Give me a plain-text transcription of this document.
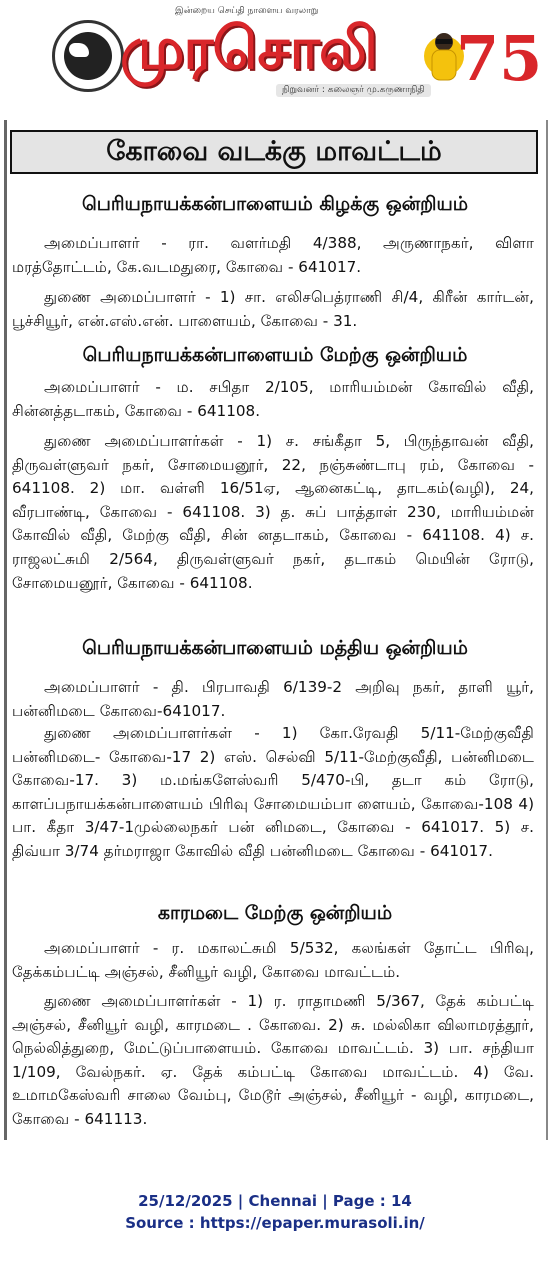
இன்றைய செய்தி நாளைய வரலாறு
முரசொலி
நிறுவனர் : கலைஞர் மு.கருணாநிதி 75
கோவை வடக்கு மாவட்டம்
பெரியநாயக்கன்பாளையம் கிழக்கு ஒன்றியம்
அமைப்பாளர் - ரா. வளர்மதி 4/388, அருணாநகர், விளா மரத்தோட்டம், கே.வடமதுரை, கோவை - 641017.
துணை அமைப்பாளர் - 1) சா. எலிசபெத்ராணி சி/4, கிரீன் கார்டன், பூச்சியூர், என்.எஸ்.என். பாளையம், கோவை - 31.
பெரியநாயக்கன்பாளையம் மேற்கு ஒன்றியம்
அமைப்பாளர் - ம. சபிதா 2/105, மாரியம்மன் கோவில் வீதி, சின்னத்தடாகம், கோவை - 641108.
துணை அமைப்பாளர்கள் - 1) ச. சங்கீதா 5, பிருந்தாவன் வீதி, திருவள்ளுவர் நகர், சோமையனூர், 22, நஞ்சுண்டாபு ரம், கோவை - 641108. 2) மா. வள்ளி 16/51ஏ, ஆனைகட்டி, தாடகம்(வழி), 24, வீரபாண்டி, கோவை - 641108. 3) த. சுப் பாத்தாள் 230, மாரியம்மன் கோவில் வீதி, மேற்கு வீதி, சின் னதடாகம், கோவை - 641108. 4) ச. ராஜலட்சுமி 2/564, திருவள்ளுவர் நகர், தடாகம் மெயின் ரோடு, சோமையனூர், கோவை - 641108.
பெரியநாயக்கன்பாளையம் மத்திய ஒன்றியம்
அமைப்பாளர் - தி. பிரபாவதி 6/139-2 அறிவு நகர், தாளி யூர், பன்னிமடை கோவை-641017.
துணை அமைப்பாளர்கள் - 1) கோ.ரேவதி 5/11-மேற்குவீதி பன்னிமடை- கோவை-17 2) எஸ். செல்வி 5/11-மேற்குவீதி, பன்னிமடை கோவை-17. 3) ம.மங்களேஸ்வரி 5/470-பி, தடா கம் ரோடு, காளப்பநாயக்கன்பாளையம் பிரிவு சோமையம்பா ளையம், கோவை-108 4) பா. கீதா 3/47-1முல்லைநகர் பன் னிமடை, கோவை - 641017. 5) ச. திவ்யா 3/74 தர்மராஜா கோவில் வீதி பன்னிமடை கோவை - 641017.
காரமடை மேற்கு ஒன்றியம்
அமைப்பாளர் - ர. மகாலட்சுமி 5/532, கலங்கள் தோட்ட பிரிவு, தேக்கம்பட்டி அஞ்சல், சீனியூர் வழி, கோவை மாவட்டம்.
துணை அமைப்பாளர்கள் - 1) ர. ராதாமணி 5/367, தேக் கம்பட்டி அஞ்சல், சீனியூர் வழி, காரமடை . கோவை. 2) சு. மல்லிகா விலாமரத்தூர், நெல்லித்துறை, மேட்டுப்பாளையம். கோவை மாவட்டம். 3) பா. சந்தியா 1/109, வேல்நகர். ஏ. தேக் கம்பட்டி கோவை மாவட்டம். 4) வே. உமாமகேஸ்வரி சாலை வேம்பு, மேடூர் அஞ்சல், சீனியூர் - வழி, காரமடை, கோவை - 641113.
25/12/2025 | Chennai | Page : 14
Source : https://epaper.murasoli.in/
